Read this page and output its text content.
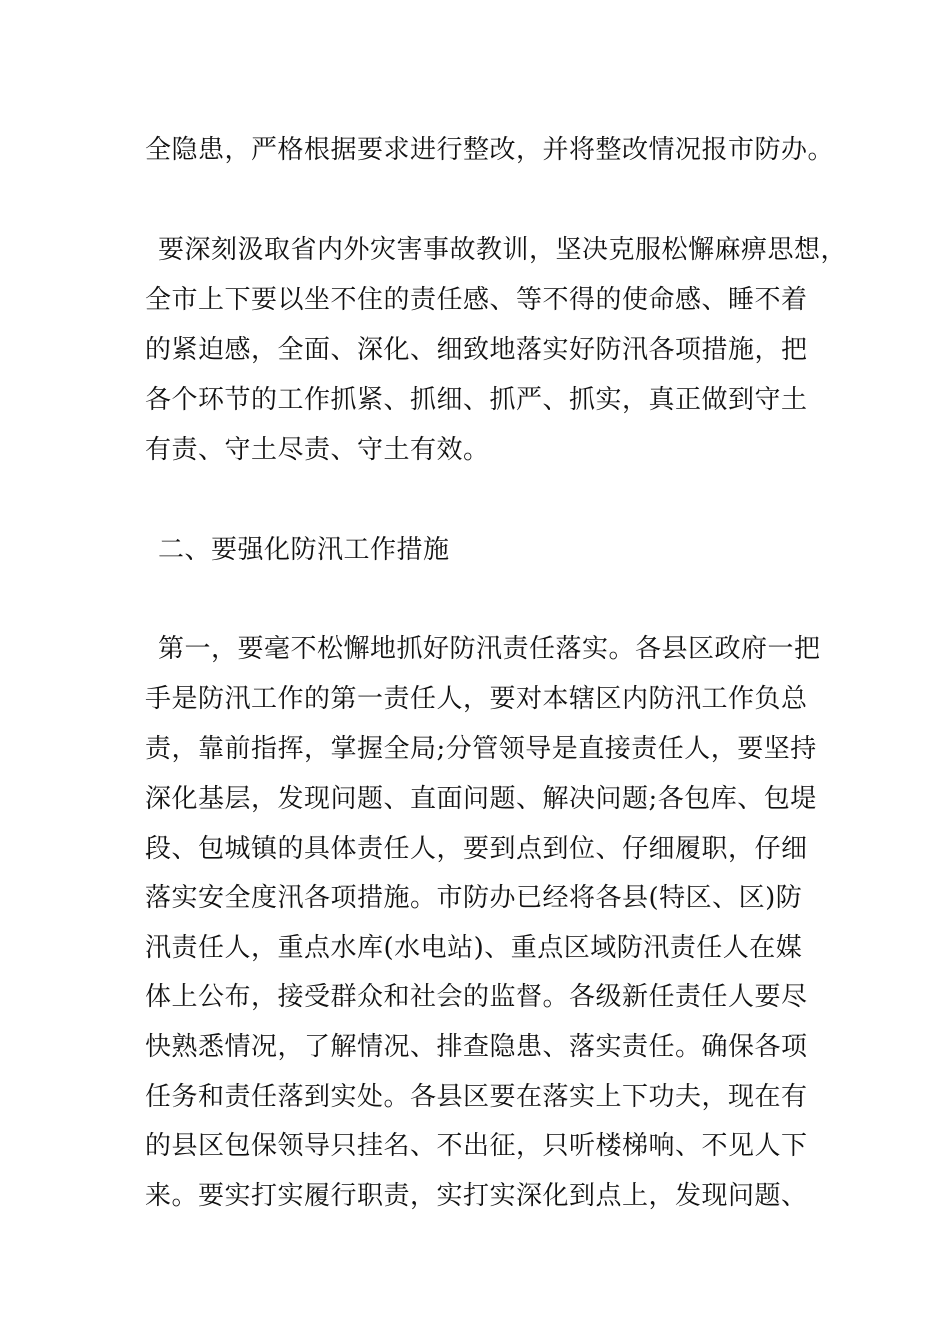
全隐患，严格根据要求进行整改，并将整改情况报市防办。
要深刻汲取省内外灾害事故教训，坚决克服松懈麻痹思想，
全市上下要以坐不住的责任感、等不得的使命感、睡不着
的紧迫感，全面、深化、细致地落实好防汛各项措施，把
各个环节的工作抓紧、抓细、抓严、抓实，真正做到守土
有责、守土尽责、守土有效。
二、要强化防汛工作措施
第一，要毫不松懈地抓好防汛责任落实。各县区政府一把
手是防汛工作的第一责任人，要对本辖区内防汛工作负总
责，靠前指挥，掌握全局;分管领导是直接责任人，要坚持
深化基层，发现问题、直面问题、解决问题;各包库、包堤
段、包城镇的具体责任人，要到点到位、仔细履职，仔细
落实安全度汛各项措施。市防办已经将各县(特区、区)防
汛责任人，重点水库(水电站)、重点区域防汛责任人在媒
体上公布，接受群众和社会的监督。各级新任责任人要尽
快熟悉情况，了解情况、排查隐患、落实责任。确保各项
任务和责任落到实处。各县区要在落实上下功夫，现在有
的县区包保领导只挂名、不出征，只听楼梯响、不见人下
来。要实打实履行职责，实打实深化到点上，发现问题、
